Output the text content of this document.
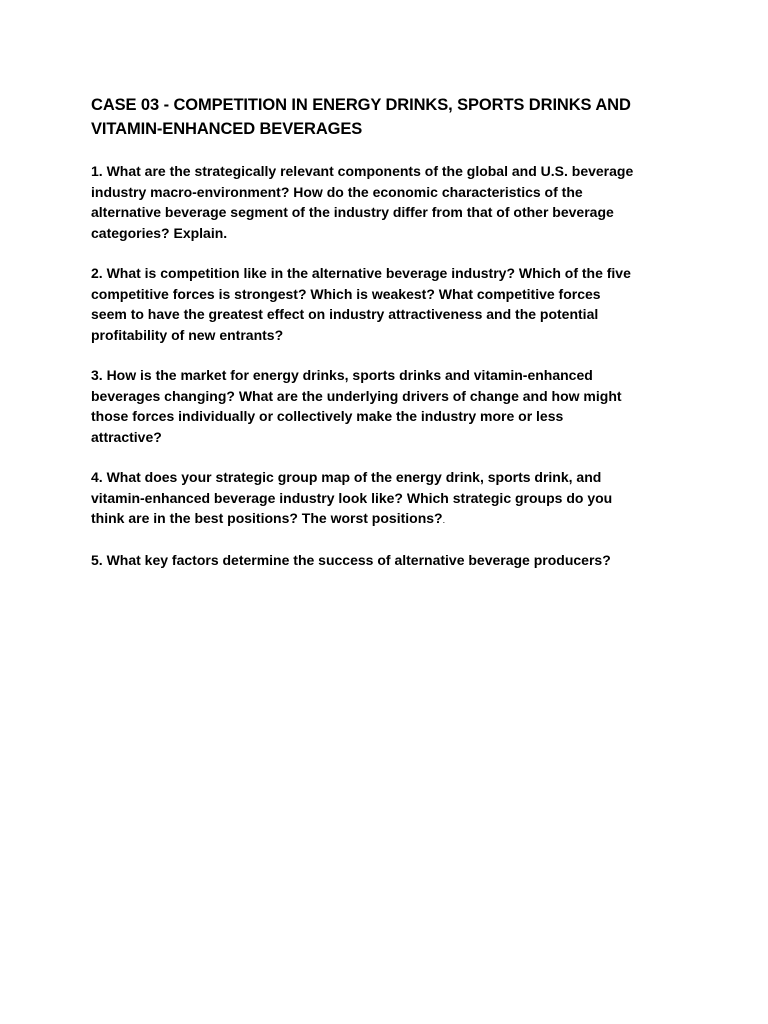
CASE 03 - COMPETITION IN ENERGY DRINKS, SPORTS DRINKS AND
VITAMIN-ENHANCED BEVERAGES

1. What are the strategically relevant components of the global and U.S. beverage
industry macro-environment? How do the economic characteristics of the
alternative beverage segment of the industry differ from that of other beverage
categories? Explain.

2. What is competition like in the alternative beverage industry? Which of the five
competitive forces is strongest? Which is weakest? What competitive forces
seem to have the greatest effect on industry attractiveness and the potential
profitability of new entrants?

3. How is the market for energy drinks, sports drinks and vitamin-enhanced
beverages changing? What are the underlying drivers of change and how might
those forces individually or collectively make the industry more or less
attractive?

4. What does your strategic group map of the energy drink, sports drink, and
vitamin-enhanced beverage industry look like? Which strategic groups do you
think are in the best positions? The worst positions?.

5. What key factors determine the success of alternative beverage producers?
